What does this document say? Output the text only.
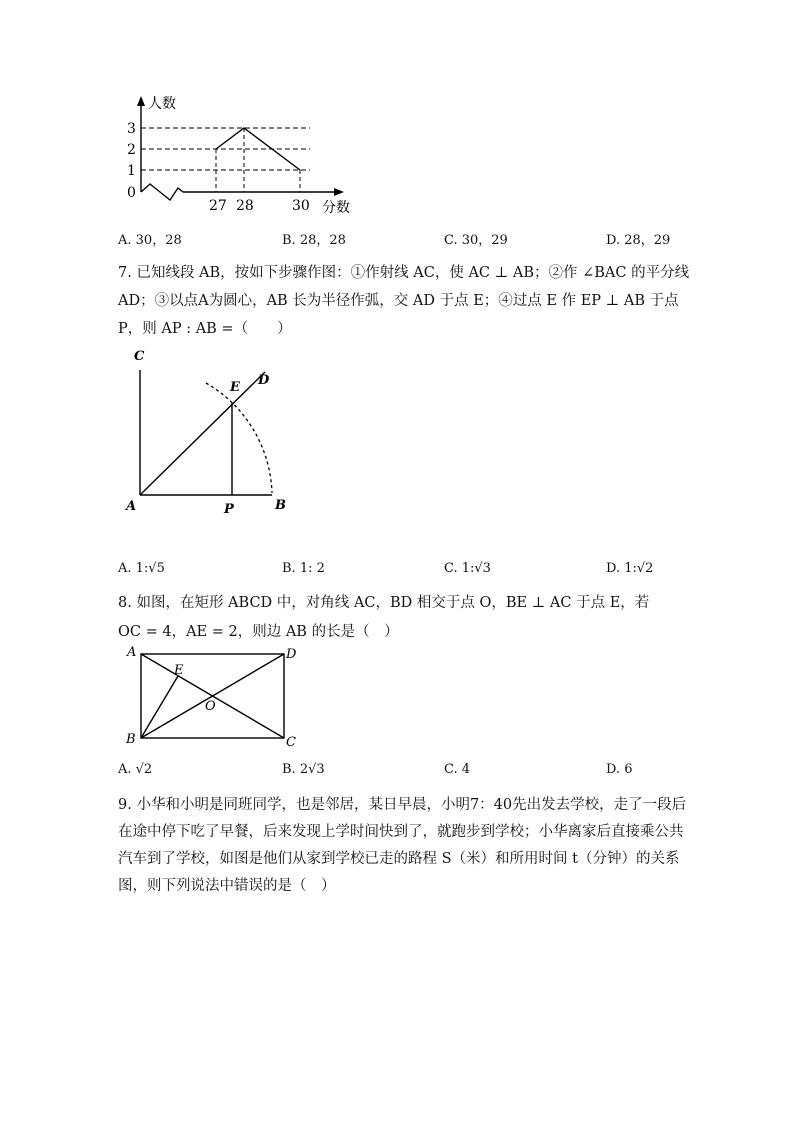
人数
3
2
1
0
27 28	30 分数
A. 30，28	B. 28，28	C. 30，29	D. 28，29
7. 已知线段 AB，按如下步骤作图：①作射线 AC，使 AC ⊥ AB；②作 ∠BAC 的平分线
AD；③以点A为圆心，AB 长为半径作弧，交 AD 于点 E；④过点 E 作 EP ⊥ AB 于点
P，则 AP : AB =（　　）
C
E D
A	P	B
A. 1:√5	B. 1: 2	C. 1:√3	D. 1:√2
8. 如图，在矩形 ABCD 中，对角线 AC，BD 相交于点 O，BE ⊥ AC 于点 E，若
OC = 4，AE = 2，则边 AB 的长是（　）
A	D
E
O
B	C
A. √2	B. 2√3	C. 4	D. 6
9. 小华和小明是同班同学，也是邻居，某日早晨，小明7：40先出发去学校，走了一段后
在途中停下吃了早餐，后来发现上学时间快到了，就跑步到学校；小华离家后直接乘公共
汽车到了学校，如图是他们从家到学校已走的路程 S（米）和所用时间 t（分钟）的关系
图，则下列说法中错误的是（　）
